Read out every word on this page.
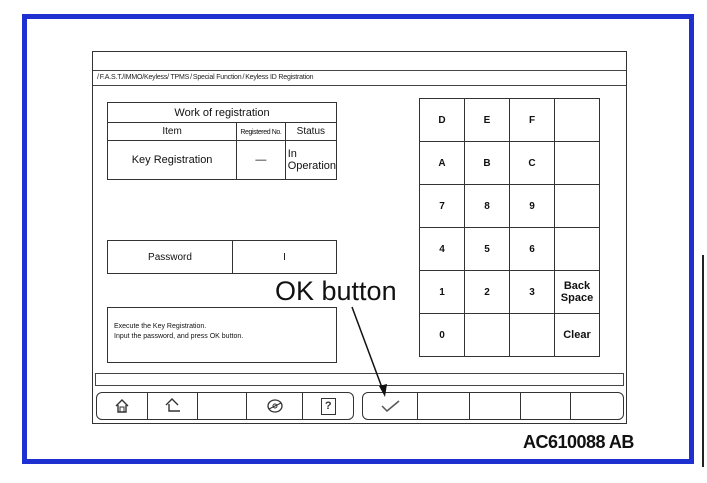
/F.A.S.T./IMMO/Keyless/ TPMS/Special Function/Keyless ID Registration
Work of registration		
Item	Registered No.	Status
Key Registration	—	In
Operation
Password	I
Execute the Key Registration.
Input the password, and press OK button.
D	E	F	
A	B	C	
7	8	9	
4	5	6	
1	2	3	Back
Space
0			Clear
?
OK button
AC610088 AB
